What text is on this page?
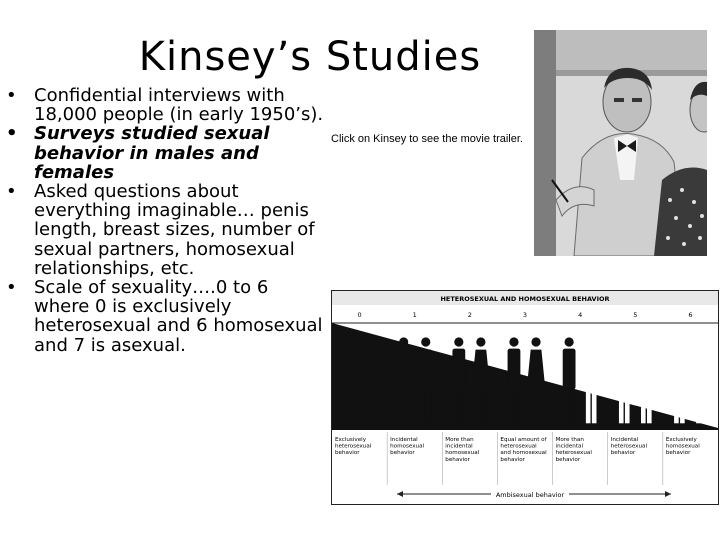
Kinsey’s Studies
• Confidential interviews with 18,000 people (in early 1950’s).
• Surveys studied sexual behavior in males and females
• Asked questions about everything imaginable… penis length, breast sizes, number of sexual partners, homosexual relationships, etc.
• Scale of sexuality….0 to 6 where 0 is exclusively heterosexual and 6 homosexual and 7 is asexual.
Click on Kinsey to see the movie trailer.
HETEROSEXUAL AND HOMOSEXUAL BEHAVIOR
0	1	2	3	4	5	6
Exclusively heterosexual behavior
Incidental homosexual behavior
More than incidental homosexual behavior
Equal amount of heterosexual and homosexual behavior
More than incidental heterosexual behavior
Incidental heterosexual behavior
Exclusively homosexual behavior
Ambisexual behavior
